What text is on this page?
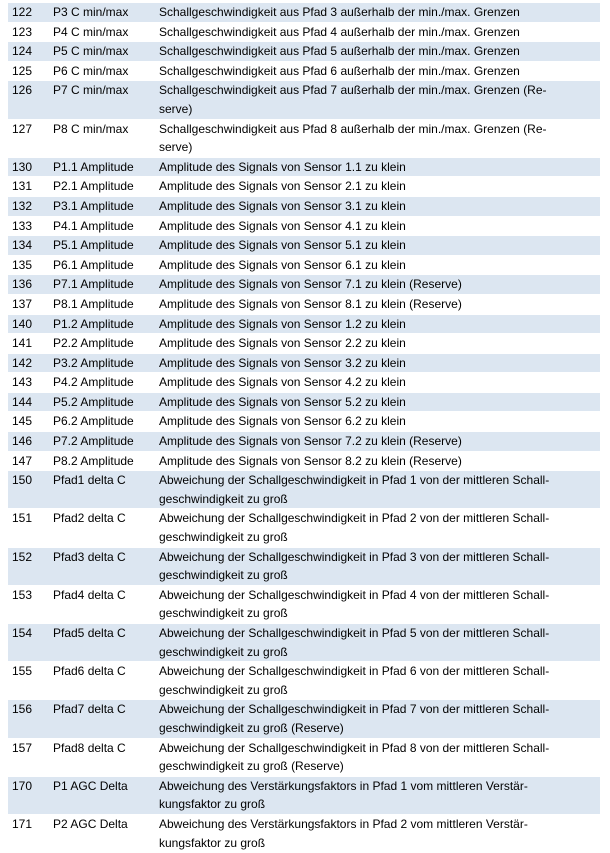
122	P3 C min/max	Schallgeschwindigkeit aus Pfad 3 außerhalb der min./max. Grenzen

123	P4 C min/max	Schallgeschwindigkeit aus Pfad 4 außerhalb der min./max. Grenzen

124	P5 C min/max	Schallgeschwindigkeit aus Pfad 5 außerhalb der min./max. Grenzen

125	P6 C min/max	Schallgeschwindigkeit aus Pfad 6 außerhalb der min./max. Grenzen

126	P7 C min/max	Schallgeschwindigkeit aus Pfad 7 außerhalb der min./max. Grenzen (Re-
serve)

127	P8 C min/max	Schallgeschwindigkeit aus Pfad 8 außerhalb der min./max. Grenzen (Re-
serve)

130	P1.1 Amplitude	Amplitude des Signals von Sensor 1.1 zu klein

131	P2.1 Amplitude	Amplitude des Signals von Sensor 2.1 zu klein

132	P3.1 Amplitude	Amplitude des Signals von Sensor 3.1 zu klein

133	P4.1 Amplitude	Amplitude des Signals von Sensor 4.1 zu klein

134	P5.1 Amplitude	Amplitude des Signals von Sensor 5.1 zu klein

135	P6.1 Amplitude	Amplitude des Signals von Sensor 6.1 zu klein

136	P7.1 Amplitude	Amplitude des Signals von Sensor 7.1 zu klein (Reserve)

137	P8.1 Amplitude	Amplitude des Signals von Sensor 8.1 zu klein (Reserve)

140	P1.2 Amplitude	Amplitude des Signals von Sensor 1.2 zu klein

141	P2.2 Amplitude	Amplitude des Signals von Sensor 2.2 zu klein

142	P3.2 Amplitude	Amplitude des Signals von Sensor 3.2 zu klein

143	P4.2 Amplitude	Amplitude des Signals von Sensor 4.2 zu klein

144	P5.2 Amplitude	Amplitude des Signals von Sensor 5.2 zu klein

145	P6.2 Amplitude	Amplitude des Signals von Sensor 6.2 zu klein

146	P7.2 Amplitude	Amplitude des Signals von Sensor 7.2 zu klein (Reserve)

147	P8.2 Amplitude	Amplitude des Signals von Sensor 8.2 zu klein (Reserve)

150	Pfad1 delta C	Abweichung der Schallgeschwindigkeit in Pfad 1 von der mittleren Schall-
geschwindigkeit zu groß

151	Pfad2 delta C	Abweichung der Schallgeschwindigkeit in Pfad 2 von der mittleren Schall-
geschwindigkeit zu groß

152	Pfad3 delta C	Abweichung der Schallgeschwindigkeit in Pfad 3 von der mittleren Schall-
geschwindigkeit zu groß

153	Pfad4 delta C	Abweichung der Schallgeschwindigkeit in Pfad 4 von der mittleren Schall-
geschwindigkeit zu groß

154	Pfad5 delta C	Abweichung der Schallgeschwindigkeit in Pfad 5 von der mittleren Schall-
geschwindigkeit zu groß

155	Pfad6 delta C	Abweichung der Schallgeschwindigkeit in Pfad 6 von der mittleren Schall-
geschwindigkeit zu groß

156	Pfad7 delta C	Abweichung der Schallgeschwindigkeit in Pfad 7 von der mittleren Schall-
geschwindigkeit zu groß (Reserve)

157	Pfad8 delta C	Abweichung der Schallgeschwindigkeit in Pfad 8 von der mittleren Schall-
geschwindigkeit zu groß (Reserve)

170	P1 AGC Delta	Abweichung des Verstärkungsfaktors in Pfad 1 vom mittleren Verstär-
kungsfaktor zu groß

171	P2 AGC Delta	Abweichung des Verstärkungsfaktors in Pfad 2 vom mittleren Verstär-
kungsfaktor zu groß
